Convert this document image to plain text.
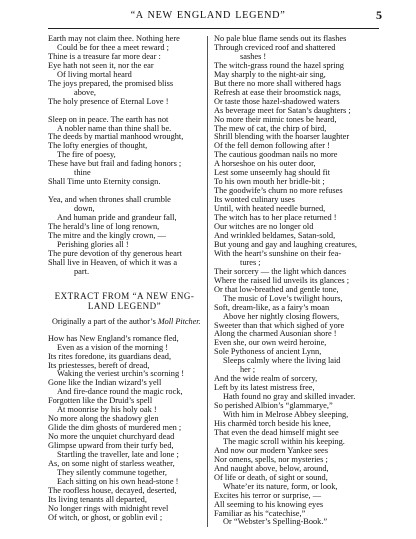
“A NEW ENGLAND LEGEND”	5
Earth may not claim thee. Nothing here
Could be for thee a meet reward ;
Thine is a treasure far more dear :
Eye hath not seen it, nor the ear
Of living mortal heard
The joys prepared, the promised bliss
above,
The holy presence of Eternal Love !
Sleep on in peace. The earth has not
A nobler name than thine shall be.
The deeds by martial manhood wrought,
The lofty energies of thought,
The fire of poesy,
These have but frail and fading honors ;
thine
Shall Time unto Eternity consign.
Yea, and when thrones shall crumble
down,
And human pride and grandeur fall,
The herald’s line of long renown,
The mitre and the kingly crown, —
Perishing glories all !
The pure devotion of thy generous heart
Shall live in Heaven, of which it was a
part.
EXTRACT FROM “A NEW ENG-
LAND LEGEND”
Originally a part of the author’s Moll Pitcher.
How has New England’s romance fled,
Even as a vision of the morning !
Its rites foredone, its guardians dead,
Its priestesses, bereft of dread,
Waking the veriest urchin’s scorning !
Gone like the Indian wizard’s yell
And fire-dance round the magic rock,
Forgotten like the Druid’s spell
At moonrise by his holy oak !
No more along the shadowy glen
Glide the dim ghosts of murdered men ;
No more the unquiet churchyard dead
Glimpse upward from their turfy bed,
Startling the traveller, late and lone ;
As, on some night of starless weather,
They silently commune together,
Each sitting on his own head-stone !
The roofless house, decayed, deserted,
Its living tenants all departed,
No longer rings with midnight revel
Of witch, or ghost, or goblin evil ;
No pale blue flame sends out its flashes
Through creviced roof and shattered
sashes !
The witch-grass round the hazel spring
May sharply to the night-air sing,
But there no more shall withered hags
Refresh at ease their broomstick nags,
Or taste those hazel-shadowed waters
As beverage meet for Satan’s daughters ;
No more their mimic tones be heard,
The mew of cat, the chirp of bird,
Shrill blending with the hoarser laughter
Of the fell demon following after !
The cautious goodman nails no more
A horseshoe on his outer door,
Lest some unseemly hag should fit
To his own mouth her bridle-bit ;
The goodwife’s churn no more refuses
Its wonted culinary uses
Until, with heated needle burned,
The witch has to her place returned !
Our witches are no longer old
And wrinkled beldames, Satan-sold,
But young and gay and laughing creatures,
With the heart’s sunshine on their fea-
tures ;
Their sorcery — the light which dances
Where the raised lid unveils its glances ;
Or that low-breathed and gentle tone,
The music of Love’s twilight hours,
Soft, dream-like, as a fairy’s moan
Above her nightly closing flowers,
Sweeter than that which sighed of yore
Along the charmed Ausonian shore !
Even she, our own weird heroine,
Sole Pythoness of ancient Lynn,
Sleeps calmly where the living laid
her ;
And the wide realm of sorcery,
Left by its latest mistress free,
Hath found no gray and skilled invader.
So perished Albion’s “glammarye,”
With him in Melrose Abbey sleeping,
His charmèd torch beside his knee,
That even the dead himself might see
The magic scroll within his keeping.
And now our modern Yankee sees
Nor omens, spells, nor mysteries ;
And naught above, below, around,
Of life or death, of sight or sound,
Whate’er its nature, form, or look,
Excites his terror or surprise, —
All seeming to his knowing eyes
Familiar as his “catechise,”
Or “Webster’s Spelling-Book.”
